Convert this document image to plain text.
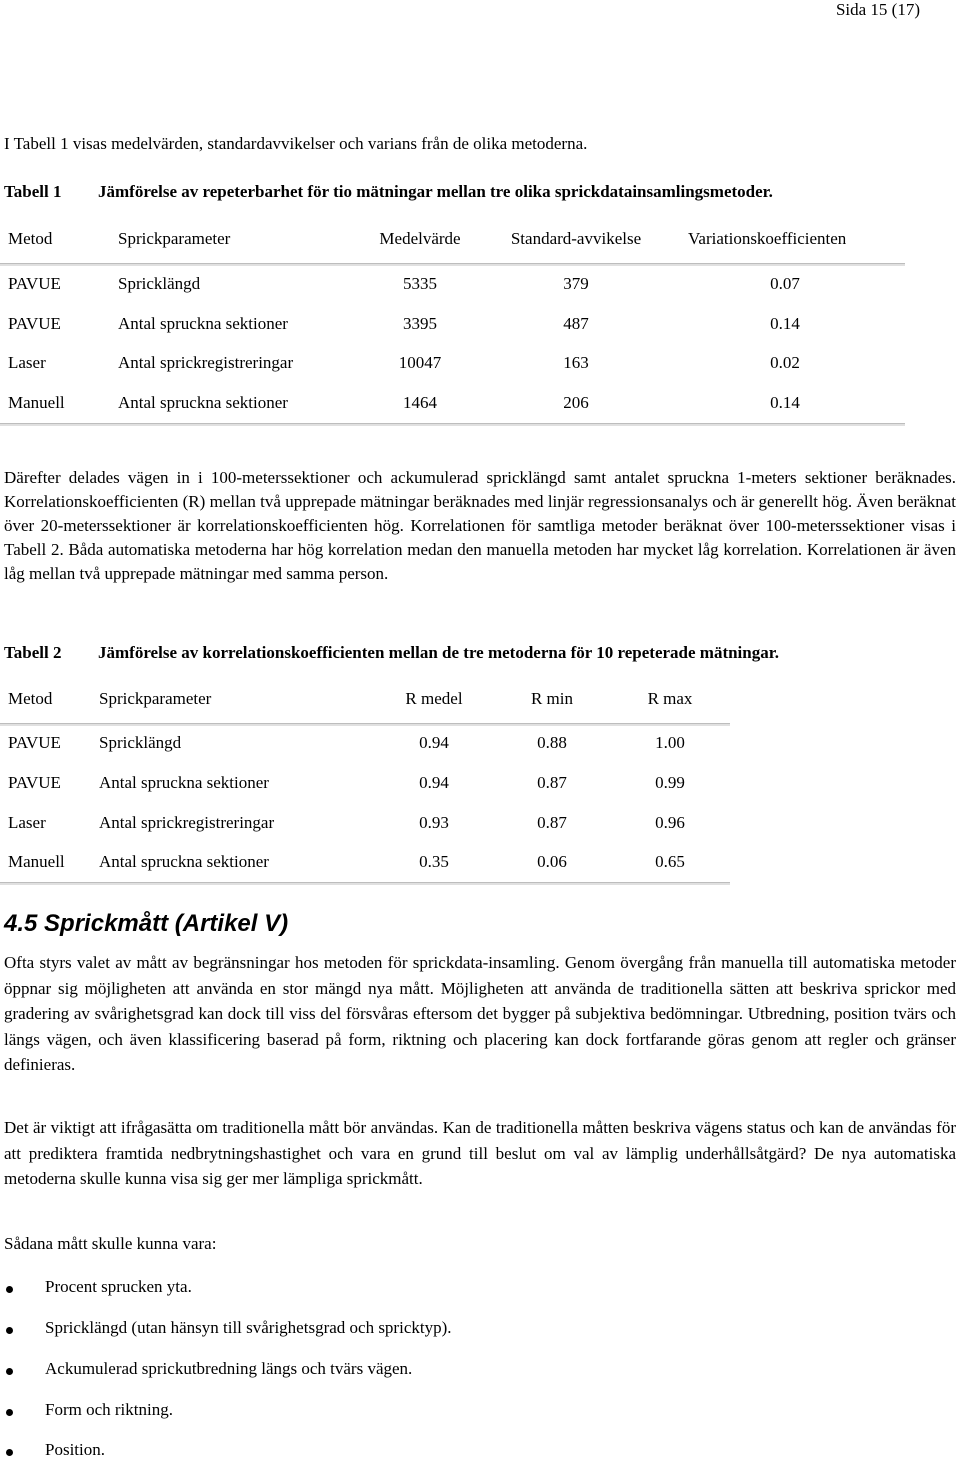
Sida 15 (17)
I Tabell 1 visas medelvärden, standardavvikelser och varians från de olika metoderna.
Tabell 1 Jämförelse av repeterbarhet för tio mätningar mellan tre olika sprickdatainsamlingsmetoder.
Metod	Sprickparameter	Medelvärde	Standard-avvikelse	Variationskoefficienten
PAVUE	Spricklängd	5335	379	0.07
PAVUE	Antal spruckna sektioner	3395	487	0.14
Laser	Antal sprickregistreringar	10047	163	0.02
Manuell	Antal spruckna sektioner	1464	206	0.14
Därefter delades vägen in i 100-meterssektioner och ackumulerad spricklängd samt antalet spruckna 1-meters sektioner beräknades. Korrelationskoefficienten (R) mellan två upprepade mätningar beräknades med linjär regressionsanalys och är generellt hög. Även beräknat över 20-meterssektioner är korrelationskoefficienten hög. Korrelationen för samtliga metoder beräknat över 100-meterssektioner visas i Tabell 2. Båda automatiska metoderna har hög korrelation medan den manuella metoden har mycket låg korrelation. Korrelationen är även låg mellan två upprepade mätningar med samma person.
Tabell 2 Jämförelse av korrelationskoefficienten mellan de tre metoderna för 10 repeterade mätningar.
Metod	Sprickparameter	R medel	R min	R max
PAVUE Spricklängd	0.94	0.88	1.00
PAVUE Antal spruckna sektioner	0.94	0.87	0.99
Laser	Antal sprickregistreringar	0.93	0.87	0.96
Manuell Antal spruckna sektioner	0.35	0.06	0.65
4.5 Sprickmått (Artikel V)
Ofta styrs valet av mått av begränsningar hos metoden för sprickdata-insamling. Genom övergång från manuella till automatiska metoder öppnar sig möjligheten att använda en stor mängd nya mått. Möjligheten att använda de traditionella sätten att beskriva sprickor med gradering av svårighetsgrad kan dock till viss del försvåras eftersom det bygger på subjektiva bedömningar. Utbredning, position tvärs och längs vägen, och även klassificering baserad på form, riktning och placering kan dock fortfarande göras genom att regler och gränser definieras.
Det är viktigt att ifrågasätta om traditionella mått bör användas. Kan de traditionella måtten beskriva vägens status och kan de användas för att prediktera framtida nedbrytningshastighet och vara en grund till beslut om val av lämplig underhållsåtgärd? De nya automatiska metoderna skulle kunna visa sig ger mer lämpliga sprickmått.
Sådana mått skulle kunna vara:
Procent sprucken yta.
Spricklängd (utan hänsyn till svårighetsgrad och spricktyp).
Ackumulerad sprickutbredning längs och tvärs vägen.
Form och riktning.
Position.
